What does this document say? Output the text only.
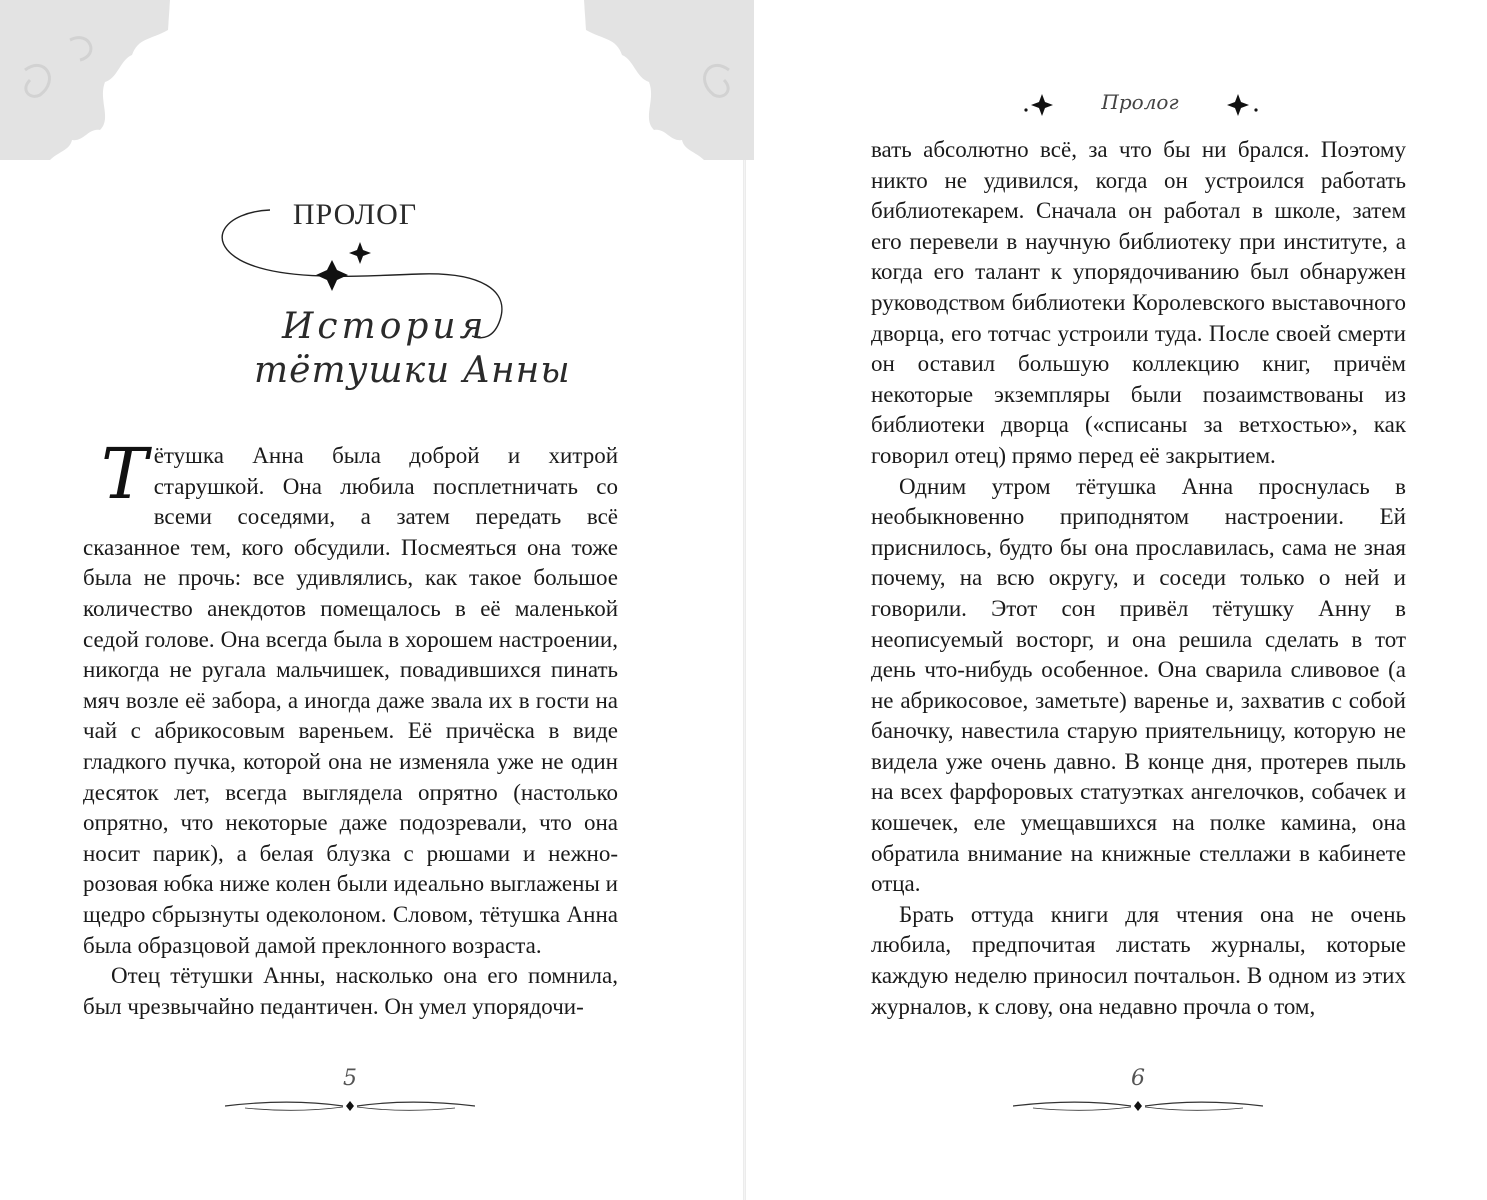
ПРОЛОГ
История
тётушки Анны

Тётушка Анна была доброй и хитрой старушкой. Она любила посплетничать со всеми соседями, а затем передать всё сказанное тем, кого обсудили. Посмеяться она тоже была не прочь: все удивлялись, как такое большое количество анекдотов помещалось в её маленькой седой голове. Она всегда была в хорошем настроении, никогда не ругала мальчишек, повадившихся пинать мяч возле её забора, а иногда даже звала их в гости на чай с абрикосовым вареньем. Её причёска в виде гладкого пучка, которой она не изменяла уже не один десяток лет, всегда выглядела опрятно (настолько опрятно, что некоторые даже подозревали, что она носит парик), а белая блузка с рюшами и нежно-розовая юбка ниже колен были идеально выглажены и щедро сбрызнуты одеколоном. Словом, тётушка Анна была образцовой дамой преклонного возраста.

Отец тётушки Анны, насколько она его помнила, был чрезвычайно педантичен. Он умел упорядочи-

5
Пролог

вать абсолютно всё, за что бы ни брался. Поэтому никто не удивился, когда он устроился работать библиотекарем. Сначала он работал в школе, затем его перевели в научную библиотеку при институте, а когда его талант к упорядочиванию был обнаружен руководством библиотеки Королевского выставочного дворца, его тотчас устроили туда. После своей смерти он оставил большую коллекцию книг, причём некоторые экземпляры были позаимствованы из библиотеки дворца («списаны за ветхостью», как говорил отец) прямо перед её закрытием.

Одним утром тётушка Анна проснулась в необыкновенно приподнятом настроении. Ей приснилось, будто бы она прославилась, сама не зная почему, на всю округу, и соседи только о ней и говорили. Этот сон привёл тётушку Анну в неописуемый восторг, и она решила сделать в тот день что-нибудь особенное. Она сварила сливовое (а не абрикосовое, заметьте) варенье и, захватив с собой баночку, навестила старую приятельницу, которую не видела уже очень давно. В конце дня, протерев пыль на всех фарфоровых статуэтках ангелочков, собачек и кошечек, еле умещавшихся на полке камина, она обратила внимание на книжные стеллажи в кабинете отца.

Брать оттуда книги для чтения она не очень любила, предпочитая листать журналы, которые каждую неделю приносил почтальон. В одном из этих журналов, к слову, она недавно прочла о том,

6
